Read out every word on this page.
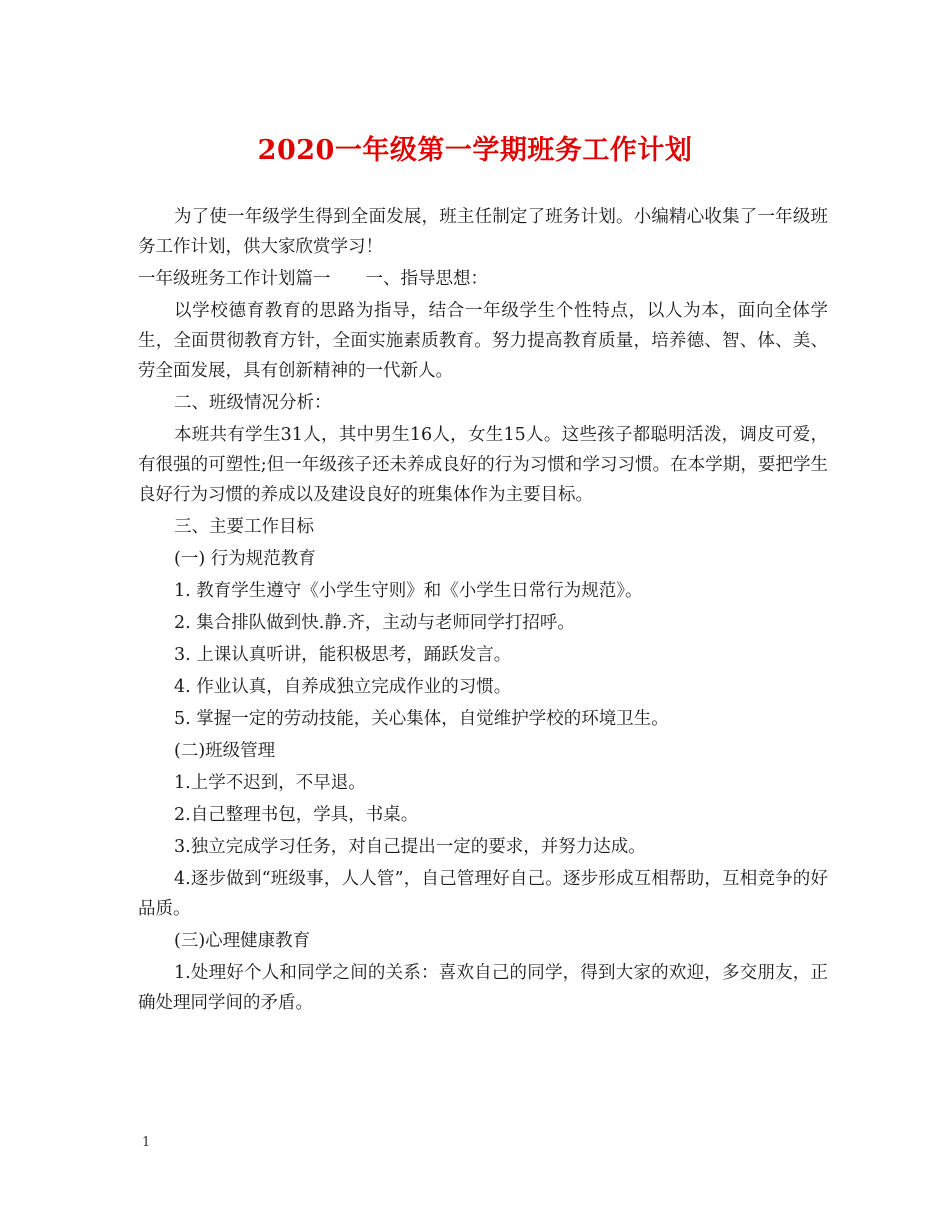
2020一年级第一学期班务工作计划

为了使一年级学生得到全面发展，班主任制定了班务计划。小编精心收集了一年级班务工作计划，供大家欣赏学习！

一年级班务工作计划篇一　　一、指导思想：

以学校德育教育的思路为指导，结合一年级学生个性特点，以人为本，面向全体学生，全面贯彻教育方针，全面实施素质教育。努力提高教育质量，培养德、智、体、美、劳全面发展，具有创新精神的一代新人。

二、班级情况分析：

本班共有学生31人，其中男生16人，女生15人。这些孩子都聪明活泼，调皮可爱，有很强的可塑性;但一年级孩子还未养成良好的行为习惯和学习习惯。在本学期，要把学生良好行为习惯的养成以及建设良好的班集体作为主要目标。

三、主要工作目标

(一) 行为规范教育

1. 教育学生遵守《小学生守则》和《小学生日常行为规范》。

2. 集合排队做到快.静.齐，主动与老师同学打招呼。

3. 上课认真听讲，能积极思考，踊跃发言。

4. 作业认真，自养成独立完成作业的习惯。

5. 掌握一定的劳动技能，关心集体，自觉维护学校的环境卫生。

(二)班级管理

1.上学不迟到，不早退。

2.自己整理书包，学具，书桌。

3.独立完成学习任务，对自己提出一定的要求，并努力达成。

4.逐步做到“班级事，人人管”，自己管理好自己。逐步形成互相帮助，互相竞争的好品质。

(三)心理健康教育

1.处理好个人和同学之间的关系：喜欢自己的同学，得到大家的欢迎，多交朋友，正确处理同学间的矛盾。

1
